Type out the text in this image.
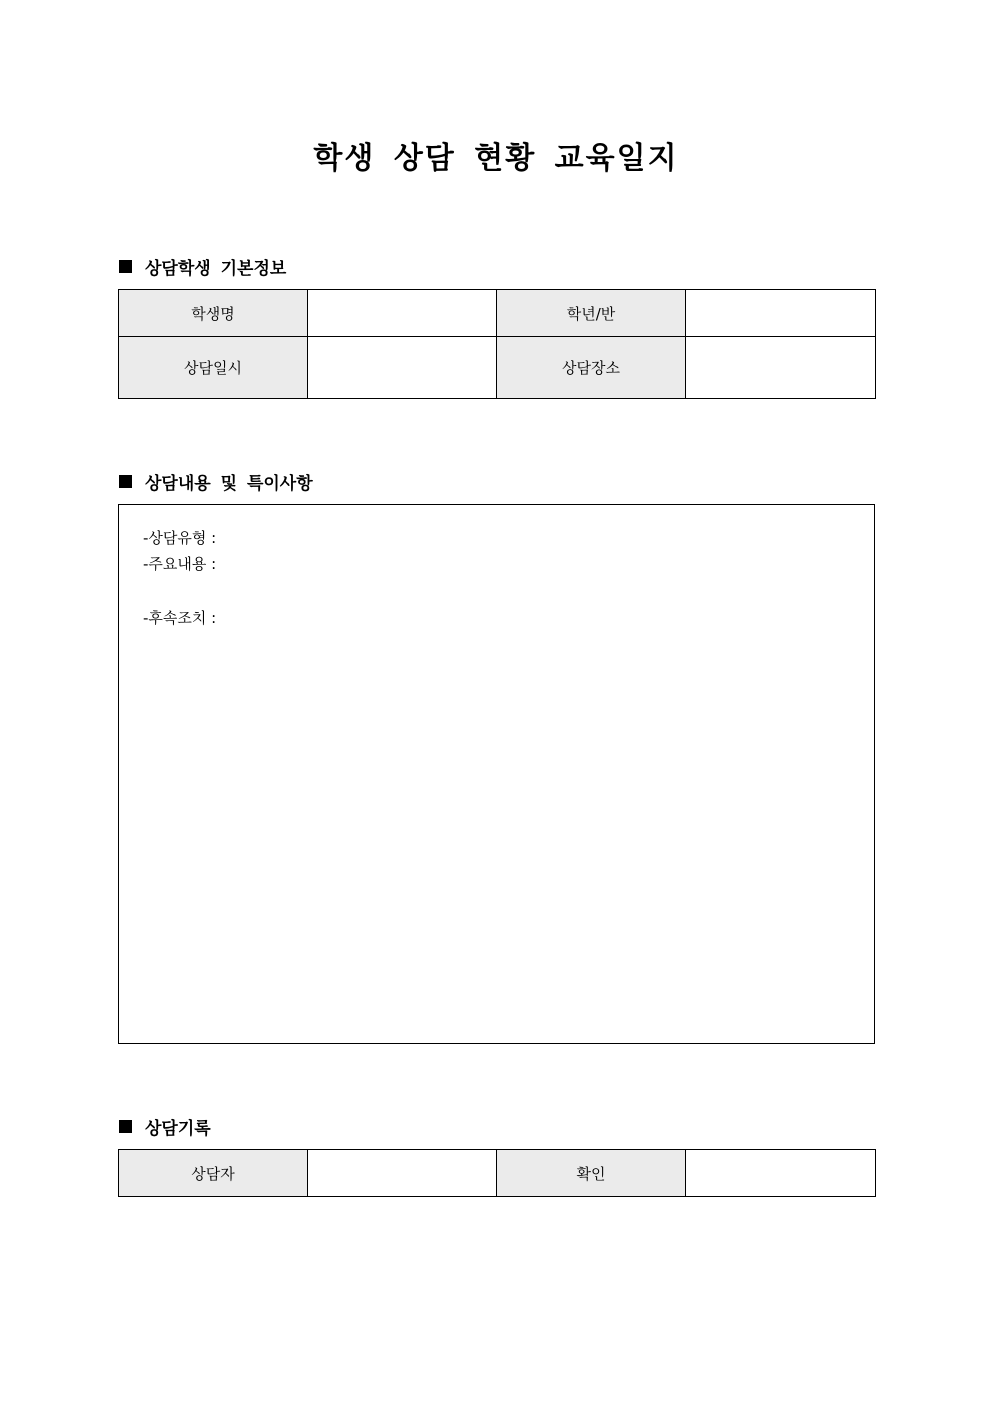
학생 상담 현황 교육일지
상담학생 기본정보
학생명		학년/반	
상담일시		상담장소	
상담내용 및 특이사항
-상담유형 :
-주요내용 :
-후속조치 :
상담기록
상담자		확인	
